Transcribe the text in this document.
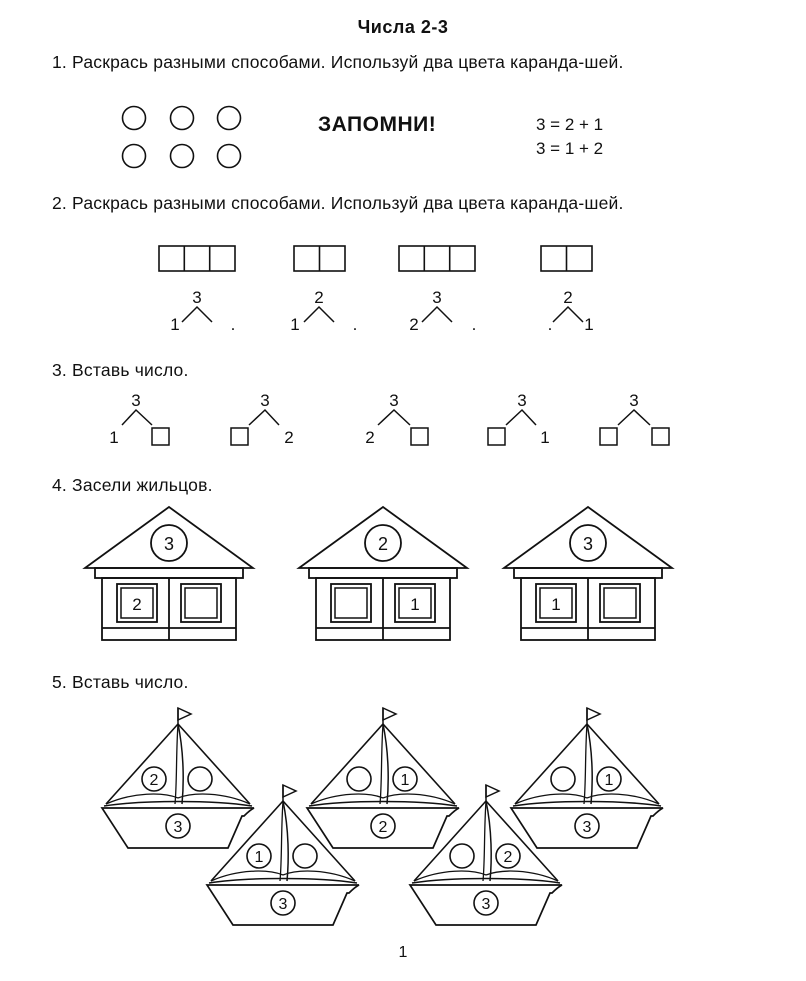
Числа 2-3
1. Раскрась разными способами. Используй два цвета каранда-шей.
ЗАПОМНИ!	3 = 2 + 1
3 = 1 + 2
2. Раскрась разными способами. Используй два цвета каранда-шей.
3
1	.
2
1	.
3
2	.
2
. 1
3. Вставь число.
3
1
3
2
3
2
3
1
3
4. Засели жильцов.
3
2
2
1
3
1
5. Вставь число.
2
3
1
2
1
3
1
3
2
3
1
